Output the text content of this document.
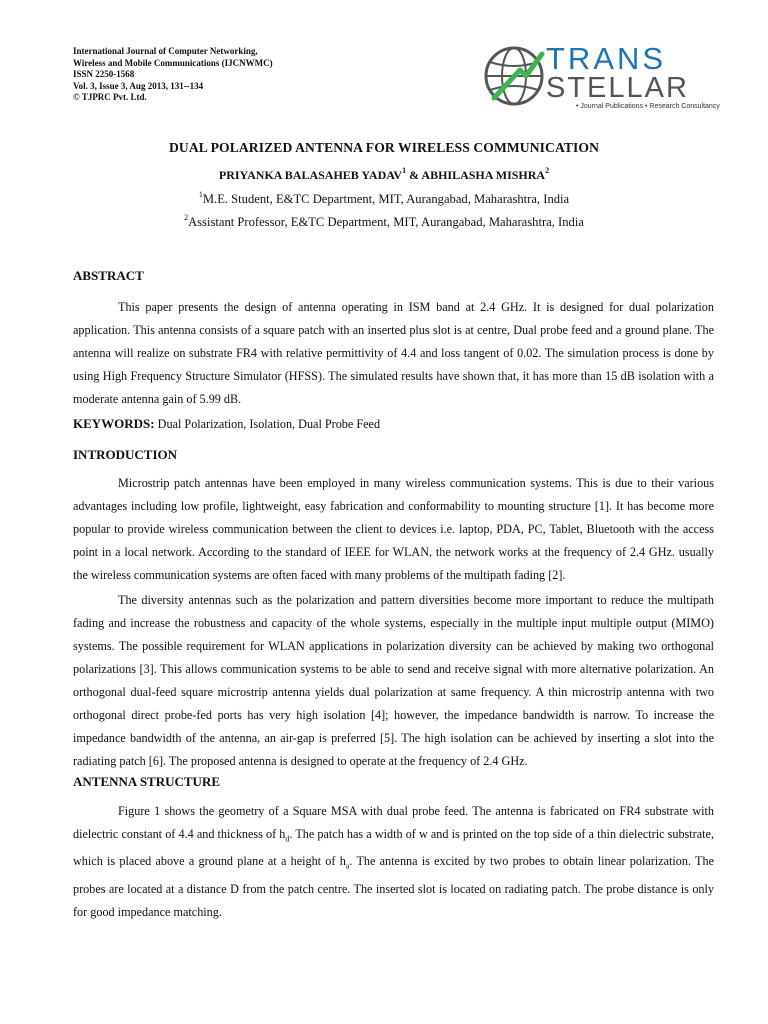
International Journal of Computer Networking,
Wireless and Mobile Communications (IJCNWMC)
ISSN 2250-1568
Vol. 3, Issue 3, Aug 2013, 131--134
© TJPRC Pvt. Ltd.
TRANS
STELLAR
• Journal Publications • Research Consultancy
DUAL POLARIZED ANTENNA FOR WIRELESS COMMUNICATION
PRIYANKA BALASAHEB YADAV$^1$ & ABHILASHA MISHRA$^2$
$^1$M.E. Student, E&TC Department, MIT, Aurangabad, Maharashtra, India
$^2$Assistant Professor, E&TC Department, MIT, Aurangabad, Maharashtra, India
ABSTRACT
This paper presents the design of antenna operating in ISM band at 2.4 GHz. It is designed for dual polarization application. This antenna consists of a square patch with an inserted plus slot is at centre, Dual probe feed and a ground plane. The antenna will realize on substrate FR4 with relative permittivity of 4.4 and loss tangent of 0.02. The simulation process is done by using High Frequency Structure Simulator (HFSS). The simulated results have shown that, it has more than 15 dB isolation with a moderate antenna gain of 5.99 dB.
KEYWORDS: Dual Polarization, Isolation, Dual Probe Feed
INTRODUCTION
Microstrip patch antennas have been employed in many wireless communication systems. This is due to their various advantages including low profile, lightweight, easy fabrication and conformability to mounting structure [1]. It has become more popular to provide wireless communication between the client to devices i.e. laptop, PDA, PC, Tablet, Bluetooth with the access point in a local network. According to the standard of IEEE for WLAN, the network works at the frequency of 2.4 GHz. usually the wireless communication systems are often faced with many problems of the multipath fading [2].
The diversity antennas such as the polarization and pattern diversities become more important to reduce the multipath fading and increase the robustness and capacity of the whole systems, especially in the multiple input multiple output (MIMO) systems. The possible requirement for WLAN applications in polarization diversity can be achieved by making two orthogonal polarizations [3]. This allows communication systems to be able to send and receive signal with more alternative polarization. An orthogonal dual-feed square microstrip antenna yields dual polarization at same frequency. A thin microstrip antenna with two orthogonal direct probe-fed ports has very high isolation [4]; however, the impedance bandwidth is narrow. To increase the impedance bandwidth of the antenna, an air-gap is preferred [5]. The high isolation can be achieved by inserting a slot into the radiating patch [6]. The proposed antenna is designed to operate at the frequency of 2.4 GHz.
ANTENNA STRUCTURE
Figure 1 shows the geometry of a Square MSA with dual probe feed. The antenna is fabricated on FR4 substrate with dielectric constant of 4.4 and thickness of $h_d$. The patch has a width of w and is printed on the top side of a thin dielectric substrate, which is placed above a ground plane at a height of $h_a$. The antenna is excited by two probes to obtain linear polarization. The probes are located at a distance D from the patch centre. The inserted slot is located on radiating patch. The probe distance is only for good impedance matching.
